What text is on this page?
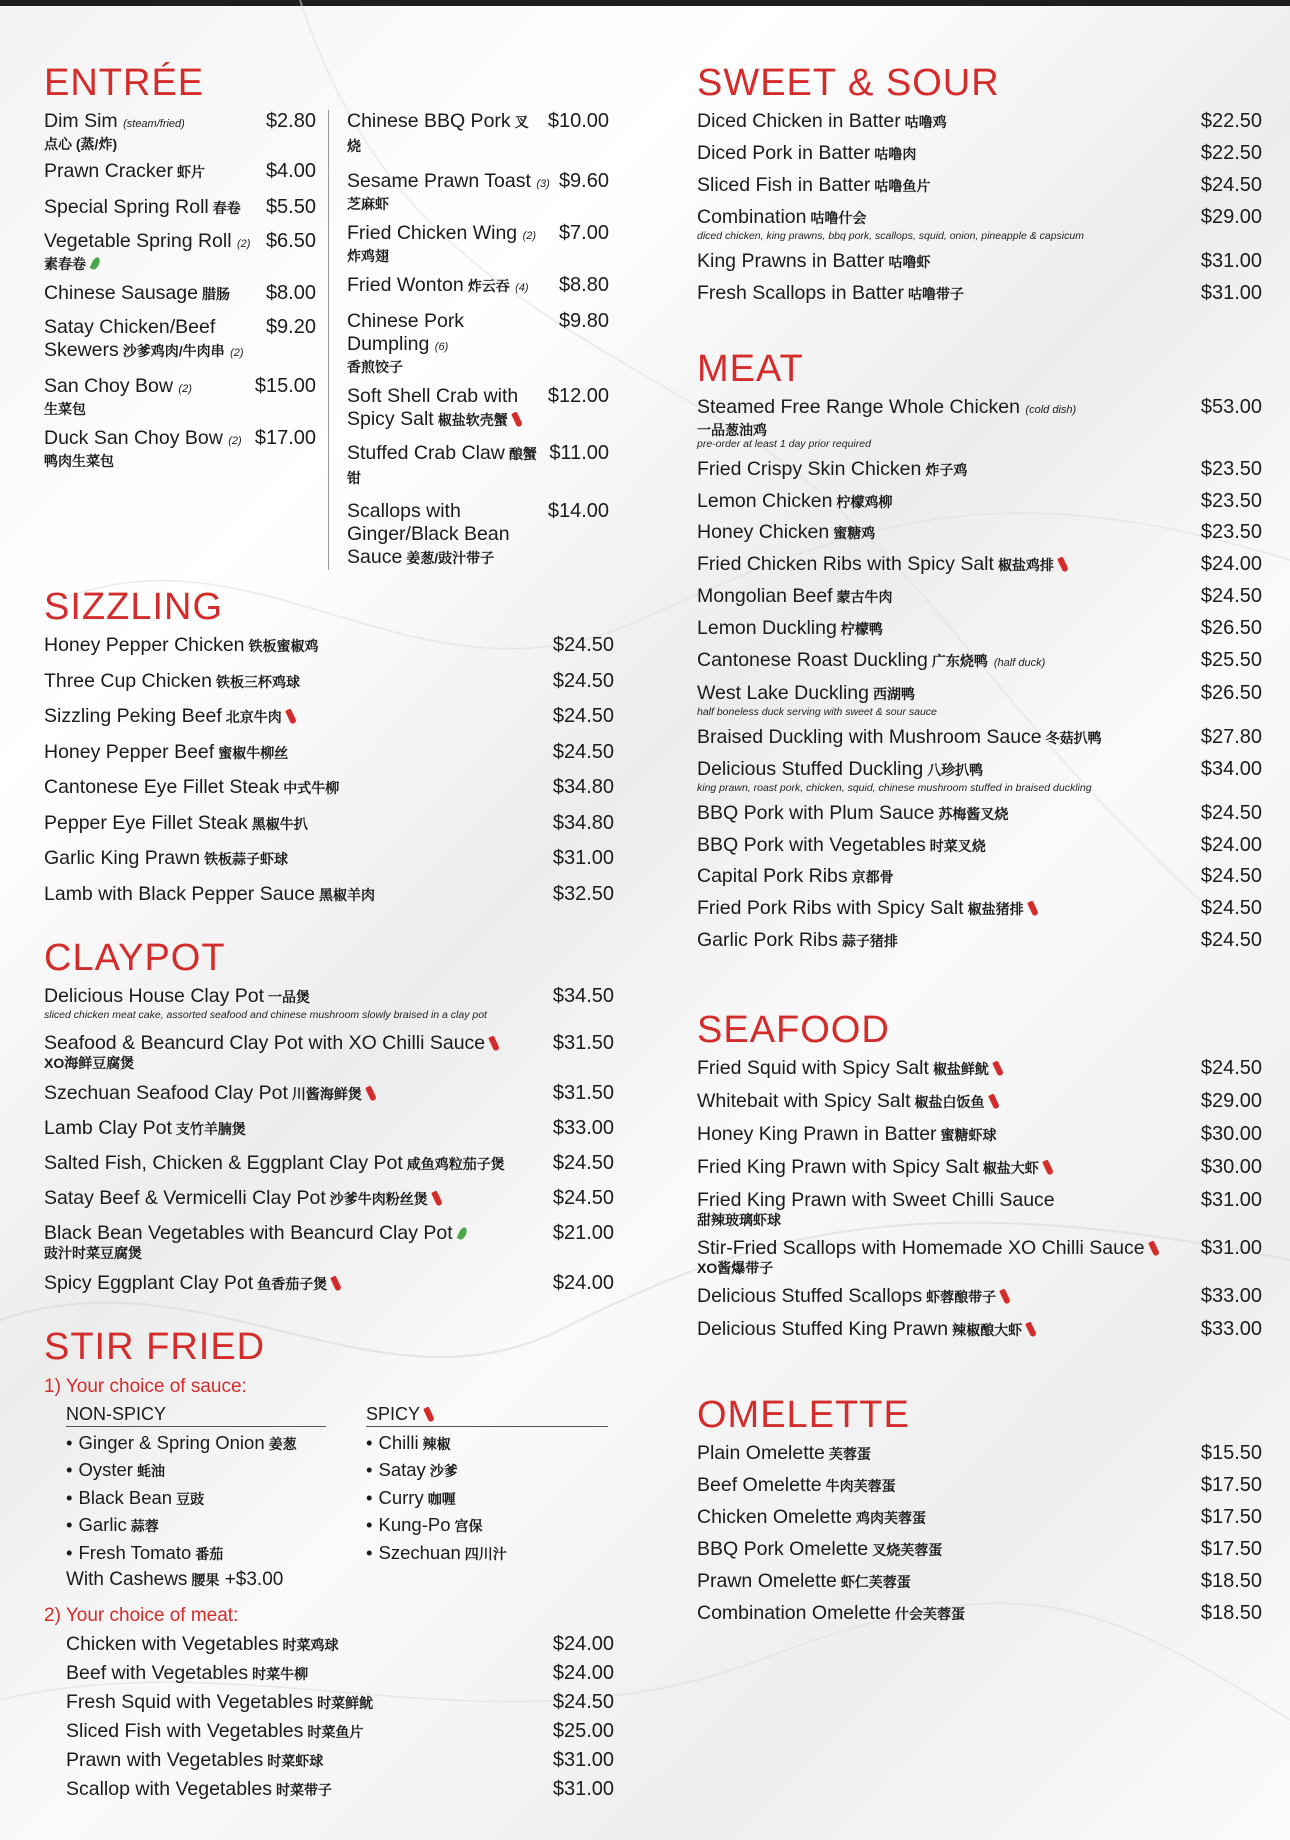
ENTRÉE
Dim Sim (steam/fried)
点心 (蒸/炸)
$2.80
Prawn Cracker 虾片	$4.00
Special Spring Roll 春卷	$5.50
Vegetable Spring Roll (2)
素春卷
$6.50
Chinese Sausage 腊肠	$8.00
Satay Chicken/Beef
Skewers 沙爹鸡肉/牛肉串 (2)
$9.20
San Choy Bow (2)
生菜包
$15.00
Duck San Choy Bow (2)
鸭肉生菜包
$17.00
Chinese BBQ Pork 叉烧
$10.00
Sesame Prawn Toast (3)
芝麻虾
$9.60
Fried Chicken Wing (2)
炸鸡翅
$7.00
Fried Wonton 炸云吞 (4)	$8.80
Chinese Pork Dumpling (6)
香煎饺子
$9.80
Soft Shell Crab with
Spicy Salt 椒盐软壳蟹
$12.00
Stuffed Crab Claw 酿蟹钳
$11.00
Scallops with
Ginger/Black Bean
Sauce 姜葱/豉汁带子
$14.00
SIZZLING
Honey Pepper Chicken 铁板蜜椒鸡	$24.50
Three Cup Chicken 铁板三杯鸡球	$24.50
Sizzling Peking Beef 北京牛肉	$24.50
Honey Pepper Beef 蜜椒牛柳丝	$24.50
Cantonese Eye Fillet Steak 中式牛柳	$34.80
Pepper Eye Fillet Steak 黑椒牛扒	$34.80
Garlic King Prawn 铁板蒜子虾球	$31.00
Lamb with Black Pepper Sauce 黑椒羊肉	$32.50
CLAYPOT
Delicious House Clay Pot 一品煲
sliced chicken meat cake, assorted seafood and chinese mushroom slowly braised in a clay pot
$34.50
Seafood & Beancurd Clay Pot with XO Chilli Sauce
XO海鲜豆腐煲
$31.50
Szechuan Seafood Clay Pot 川酱海鲜煲	$31.50
Lamb Clay Pot 支竹羊腩煲	$33.00
Salted Fish, Chicken & Eggplant Clay Pot 咸鱼鸡粒茄子煲	$24.50
Satay Beef & Vermicelli Clay Pot 沙爹牛肉粉丝煲	$24.50
Black Bean Vegetables with Beancurd Clay Pot
豉汁时菜豆腐煲
$21.00
Spicy Eggplant Clay Pot 鱼香茄子煲	$24.00
STIR FRIED
1) Your choice of sauce:
NON-SPICY
• Ginger & Spring Onion 姜葱
• Oyster 蚝油
• Black Bean 豆豉
• Garlic 蒜蓉
• Fresh Tomato 番茄
With Cashews 腰果 +$3.00
SPICY
• Chilli 辣椒
• Satay 沙爹
• Curry 咖喱
• Kung-Po 宫保
• Szechuan 四川汁
2) Your choice of meat:
Chicken with Vegetables 时菜鸡球	$24.00
Beef with Vegetables 时菜牛柳	$24.00
Fresh Squid with Vegetables 时菜鲜鱿	$24.50
Sliced Fish with Vegetables 时菜鱼片	$25.00
Prawn with Vegetables 时菜虾球	$31.00
Scallop with Vegetables 时菜带子	$31.00
SWEET & SOUR
Diced Chicken in Batter 咕噜鸡	$22.50
Diced Pork in Batter 咕噜肉	$22.50
Sliced Fish in Batter 咕噜鱼片	$24.50
Combination 咕噜什会
diced chicken, king prawns, bbq pork, scallops, squid, onion, pineapple & capsicum
$29.00
King Prawns in Batter 咕噜虾	$31.00
Fresh Scallops in Batter 咕噜带子	$31.00
MEAT
Steamed Free Range Whole Chicken (cold dish)
一品葱油鸡
pre-order at least 1 day prior required
$53.00
Fried Crispy Skin Chicken 炸子鸡	$23.50
Lemon Chicken 柠檬鸡柳	$23.50
Honey Chicken 蜜糖鸡	$23.50
Fried Chicken Ribs with Spicy Salt 椒盐鸡排	$24.00
Mongolian Beef 蒙古牛肉	$24.50
Lemon Duckling 柠檬鸭	$26.50
Cantonese Roast Duckling 广东烧鸭 (half duck)	$25.50
West Lake Duckling 西湖鸭
half boneless duck serving with sweet & sour sauce
$26.50
Braised Duckling with Mushroom Sauce 冬菇扒鸭	$27.80
Delicious Stuffed Duckling 八珍扒鸭
king prawn, roast pork, chicken, squid, chinese mushroom stuffed in braised duckling
$34.00
BBQ Pork with Plum Sauce 苏梅酱叉烧	$24.50
BBQ Pork with Vegetables 时菜叉烧	$24.00
Capital Pork Ribs 京都骨	$24.50
Fried Pork Ribs with Spicy Salt 椒盐猪排	$24.50
Garlic Pork Ribs 蒜子猪排	$24.50
SEAFOOD
Fried Squid with Spicy Salt 椒盐鲜鱿	$24.50
Whitebait with Spicy Salt 椒盐白饭鱼	$29.00
Honey King Prawn in Batter 蜜糖虾球	$30.00
Fried King Prawn with Spicy Salt 椒盐大虾	$30.00
Fried King Prawn with Sweet Chilli Sauce
甜辣玻璃虾球
$31.00
Stir-Fried Scallops with Homemade XO Chilli Sauce
XO酱爆带子
$31.00
Delicious Stuffed Scallops 虾蓉酿带子	$33.00
Delicious Stuffed King Prawn 辣椒酿大虾	$33.00
OMELETTE
Plain Omelette 芙蓉蛋	$15.50
Beef Omelette 牛肉芙蓉蛋	$17.50
Chicken Omelette 鸡肉芙蓉蛋	$17.50
BBQ Pork Omelette 叉烧芙蓉蛋	$17.50
Prawn Omelette 虾仁芙蓉蛋	$18.50
Combination Omelette 什会芙蓉蛋	$18.50
